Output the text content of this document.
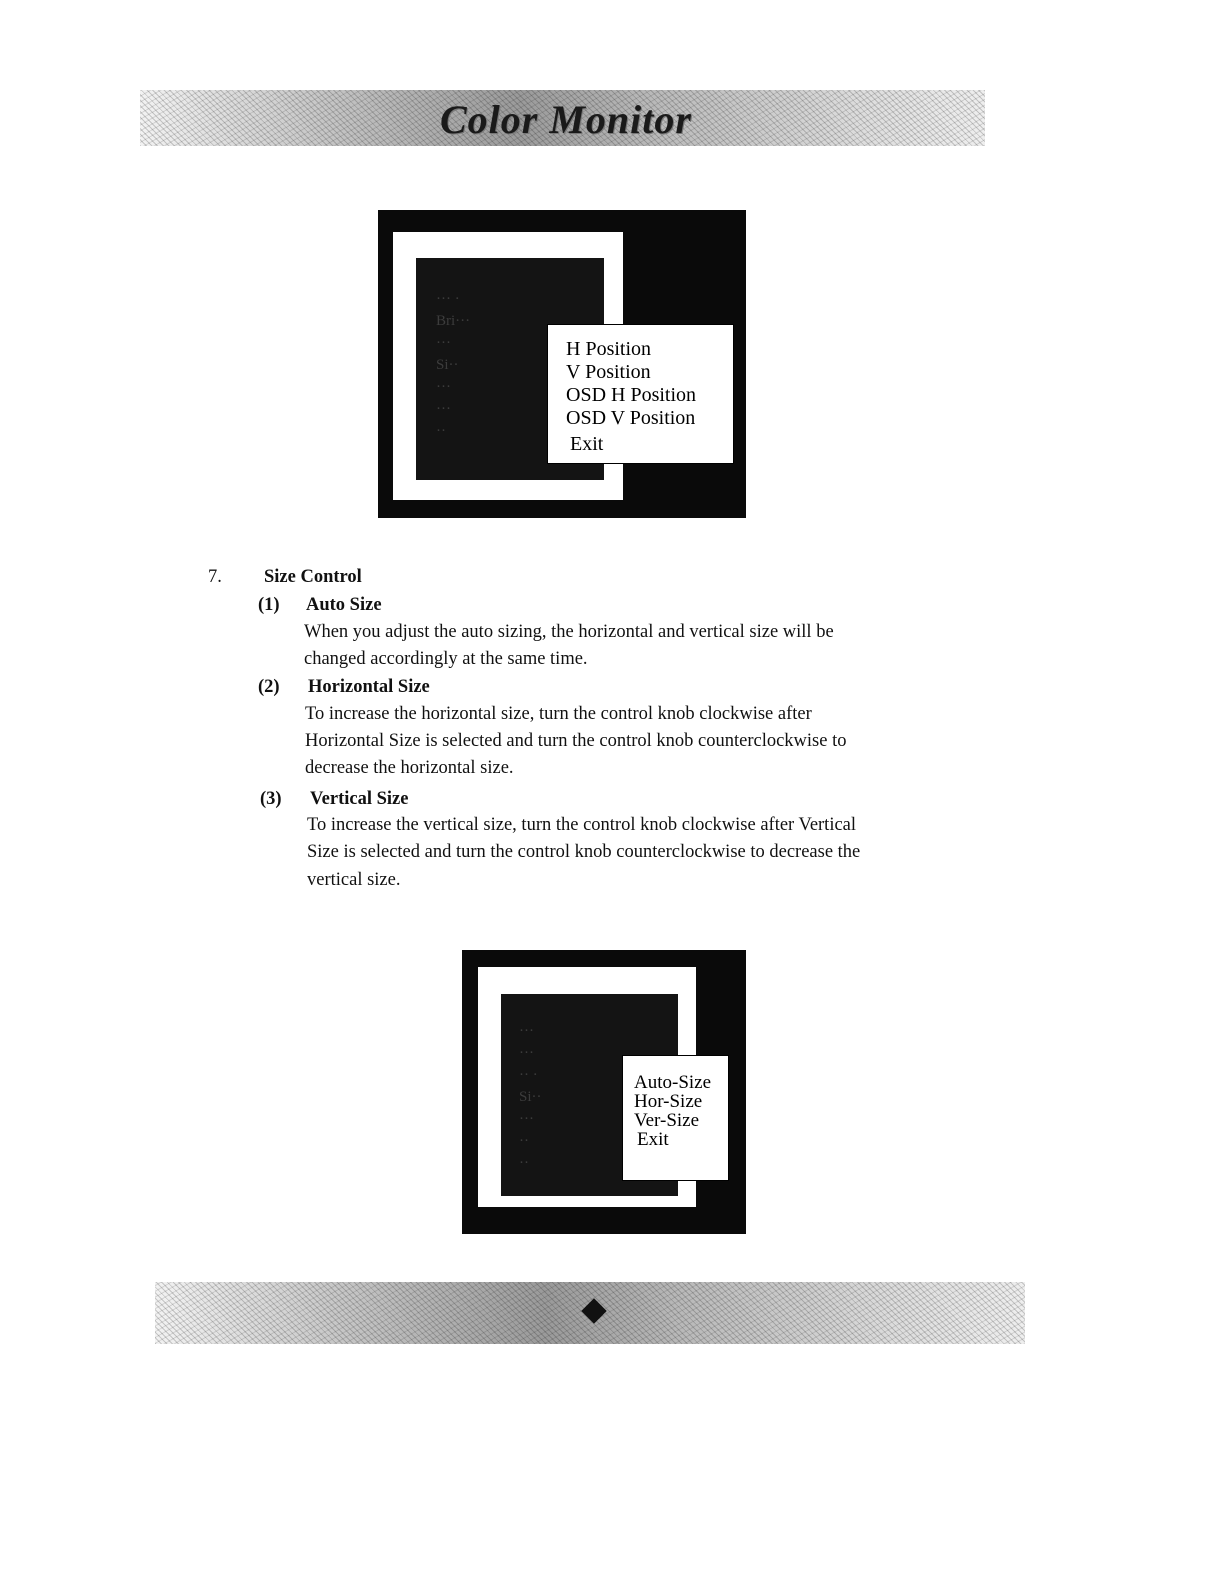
Color Monitor
··· ·
Bri···
···
Si··
···
···
··
H Position
V Position
OSD H Position
OSD V Position
Exit
7. Size Control
(1) Auto Size
When you adjust the auto sizing, the horizontal and vertical size will be
changed accordingly at the same time.
(2) Horizontal Size
To increase the horizontal size, turn the control knob clockwise after
Horizontal Size is selected and turn the control knob counterclockwise to
decrease the horizontal size.
(3) Vertical Size
To increase the vertical size, turn the control knob clockwise after Vertical
Size is selected and turn the control knob counterclockwise to decrease the
vertical size.
···
···
·· ·
Si··
···
··
··
Auto-Size
Hor-Size
Ver-Size
Exit
